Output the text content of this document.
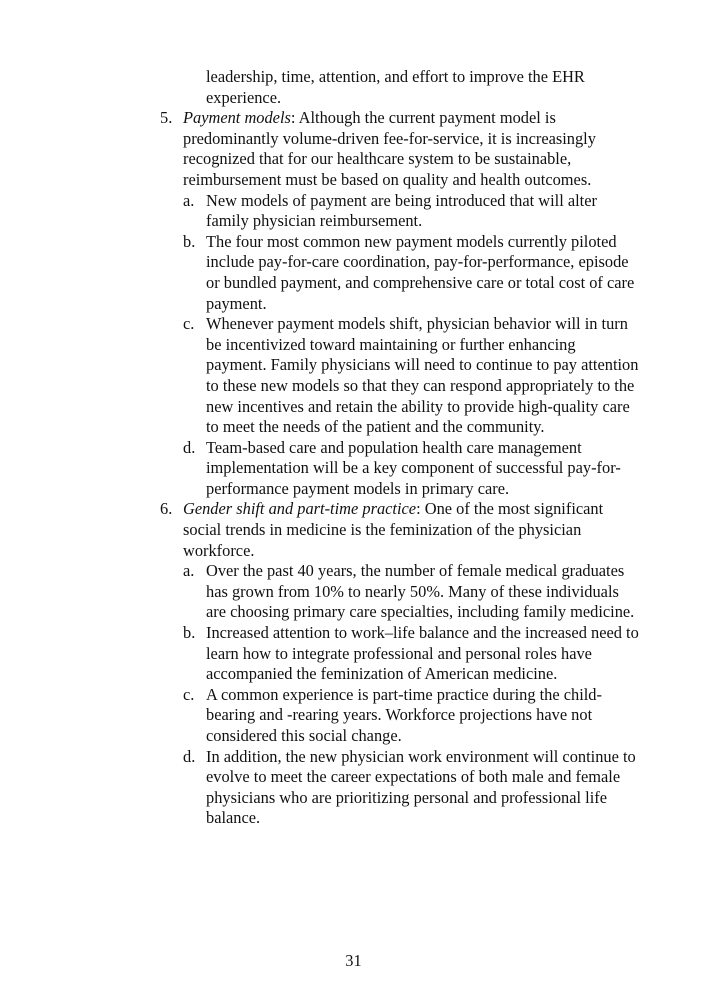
leadership, time, attention, and effort to improve the EHR experience.
5. Payment models: Although the current payment model is predominantly volume-driven fee-for-service, it is increasingly recognized that for our healthcare system to be sustainable, reimbursement must be based on quality and health outcomes.
a. New models of payment are being introduced that will alter family physician reimbursement.
b. The four most common new payment models currently piloted include pay-for-care coordination, pay-for-performance, episode or bundled payment, and comprehensive care or total cost of care payment.
c. Whenever payment models shift, physician behavior will in turn be incentivized toward maintaining or further enhancing payment. Family physicians will need to continue to pay attention to these new models so that they can respond appropriately to the new incentives and retain the ability to provide high-quality care to meet the needs of the patient and the community.
d. Team-based care and population health care management implementation will be a key component of successful pay-for-performance payment models in primary care.
6. Gender shift and part-time practice: One of the most significant social trends in medicine is the feminization of the physician workforce.
a. Over the past 40 years, the number of female medical graduates has grown from 10% to nearly 50%. Many of these individuals are choosing primary care specialties, including family medicine.
b. Increased attention to work–life balance and the increased need to learn how to integrate professional and personal roles have accompanied the feminization of American medicine.
c. A common experience is part-time practice during the child-bearing and -rearing years. Workforce projections have not considered this social change.
d. In addition, the new physician work environment will continue to evolve to meet the career expectations of both male and female physicians who are prioritizing personal and professional life balance.
31
